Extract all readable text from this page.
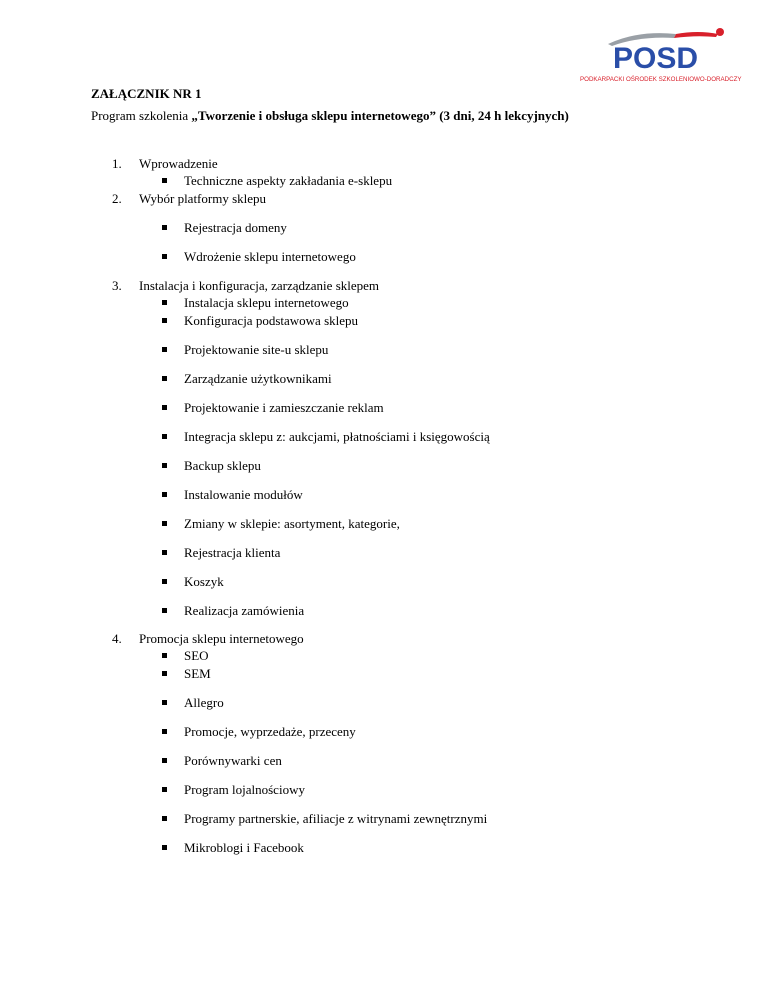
POSD
PODKARPACKI OŚRODEK SZKOLENIOWO-DORADCZY
ZAŁĄCZNIK NR 1
Program szkolenia „Tworzenie i obsługa sklepu internetowego” (3 dni, 24 h lekcyjnych)
1. Wprowadzenie
Techniczne aspekty zakładania e-sklepu
2. Wybór platformy sklepu
Rejestracja domeny
Wdrożenie sklepu internetowego
3. Instalacja i konfiguracja, zarządzanie sklepem
Instalacja sklepu internetowego
Konfiguracja podstawowa sklepu
Projektowanie site-u sklepu
Zarządzanie użytkownikami
Projektowanie i zamieszczanie reklam
Integracja sklepu z: aukcjami, płatnościami i księgowością
Backup sklepu
Instalowanie modułów
Zmiany w sklepie: asortyment, kategorie,
Rejestracja klienta
Koszyk
Realizacja zamówienia
4. Promocja sklepu internetowego
SEO
SEM
Allegro
Promocje, wyprzedaże, przeceny
Porównywarki cen
Program lojalnościowy
Programy partnerskie, afiliacje z witrynami zewnętrznymi
Mikroblogi i Facebook
